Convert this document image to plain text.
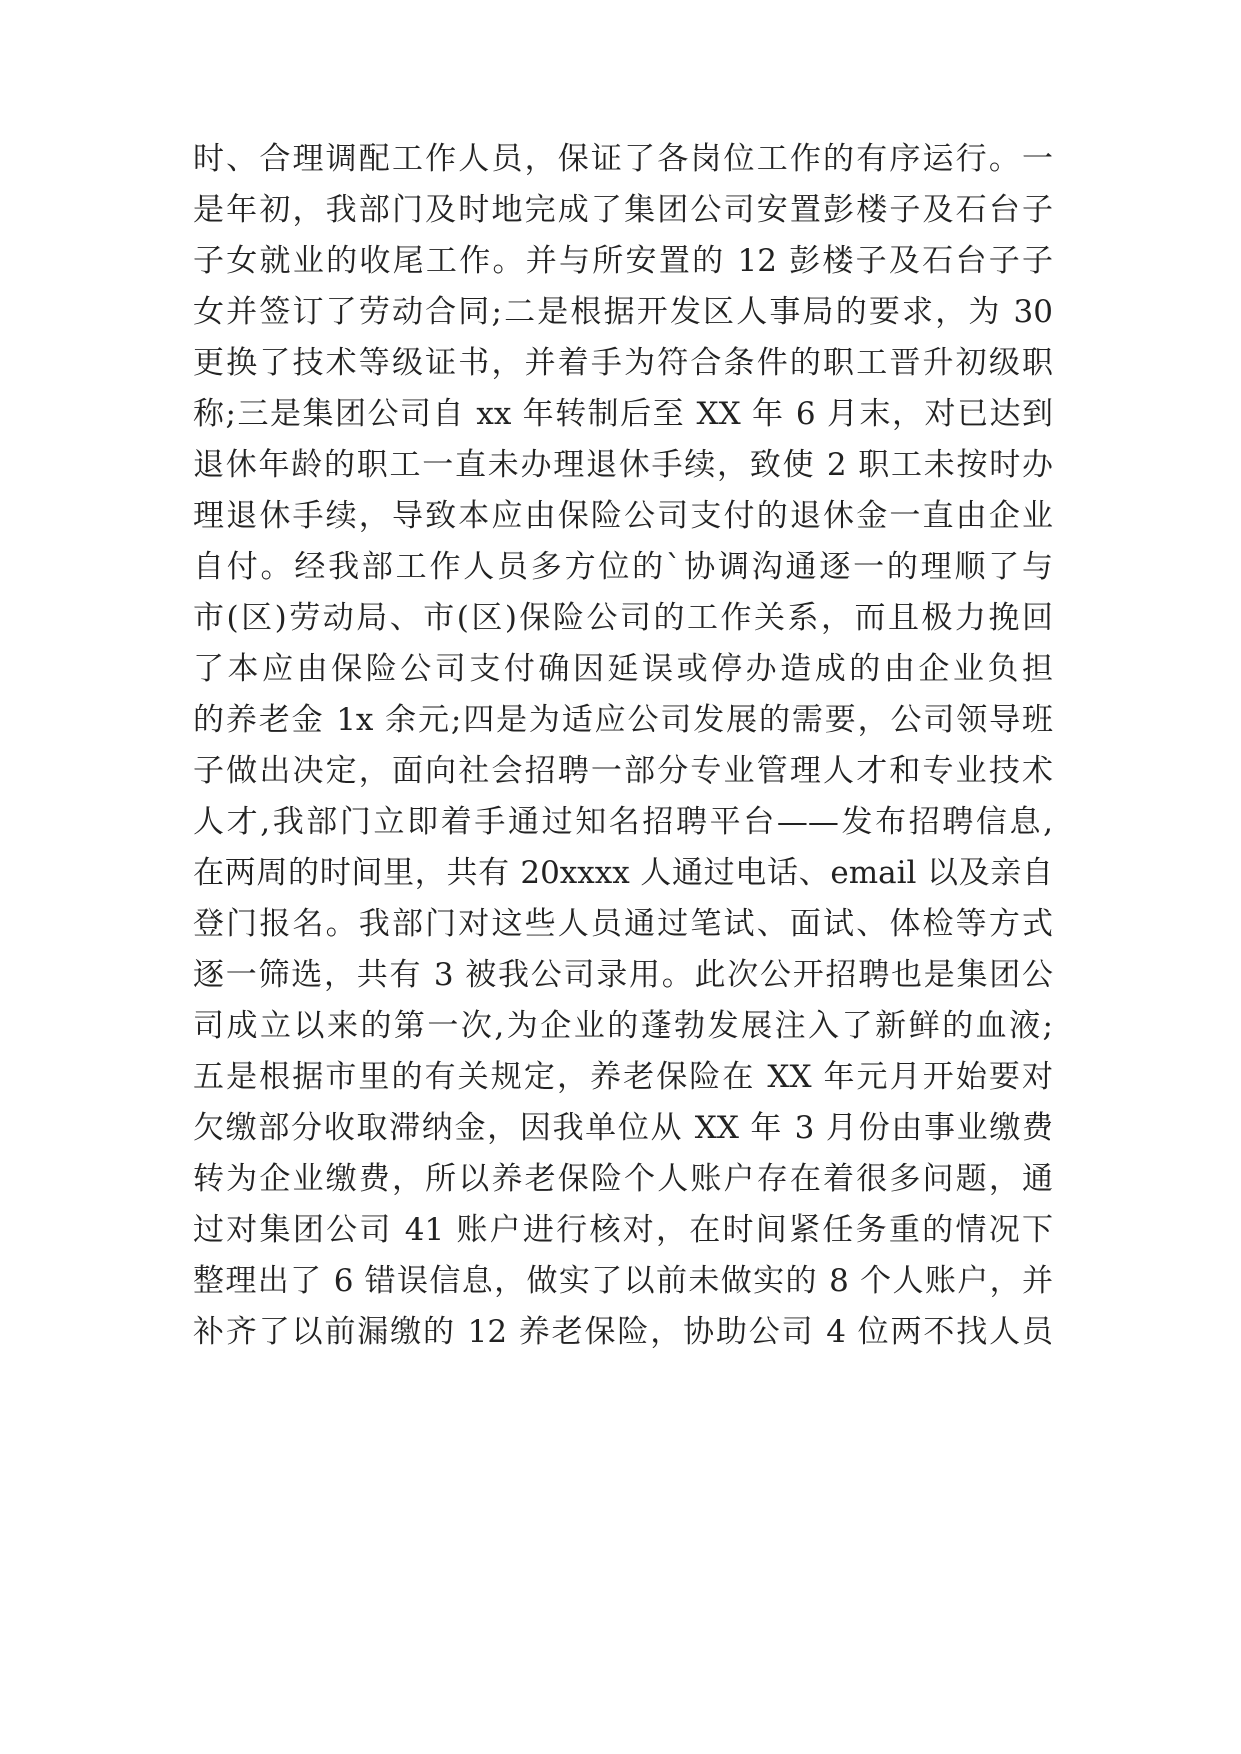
时、合理调配工作人员，保证了各岗位工作的有序运行。一
是年初，我部门及时地完成了集团公司安置彭楼子及石台子
子女就业的收尾工作。并与所安置的 12 彭楼子及石台子子
女并签订了劳动合同;二是根据开发区人事局的要求，为 30
更换了技术等级证书，并着手为符合条件的职工晋升初级职
称;三是集团公司自 xx 年转制后至 XX 年 6 月末，对已达到
退休年龄的职工一直未办理退休手续，致使 2 职工未按时办
理退休手续，导致本应由保险公司支付的退休金一直由企业
自付。经我部工作人员多方位的`协调沟通逐一的理顺了与
市(区)劳动局、市(区)保险公司的工作关系，而且极力挽回
了本应由保险公司支付确因延误或停办造成的由企业负担
的养老金 1x 余元;四是为适应公司发展的需要，公司领导班
子做出决定，面向社会招聘一部分专业管理人才和专业技术
人才,我部门立即着手通过知名招聘平台——发布招聘信息,
在两周的时间里，共有 20xxxx 人通过电话、email 以及亲自
登门报名。我部门对这些人员通过笔试、面试、体检等方式
逐一筛选，共有 3 被我公司录用。此次公开招聘也是集团公
司成立以来的第一次,为企业的蓬勃发展注入了新鲜的血液;
五是根据市里的有关规定，养老保险在 XX 年元月开始要对
欠缴部分收取滞纳金，因我单位从 XX 年 3 月份由事业缴费
转为企业缴费，所以养老保险个人账户存在着很多问题，通
过对集团公司 41 账户进行核对，在时间紧任务重的情况下
整理出了 6 错误信息，做实了以前未做实的 8 个人账户，并
补齐了以前漏缴的 12 养老保险，协助公司 4 位两不找人员
